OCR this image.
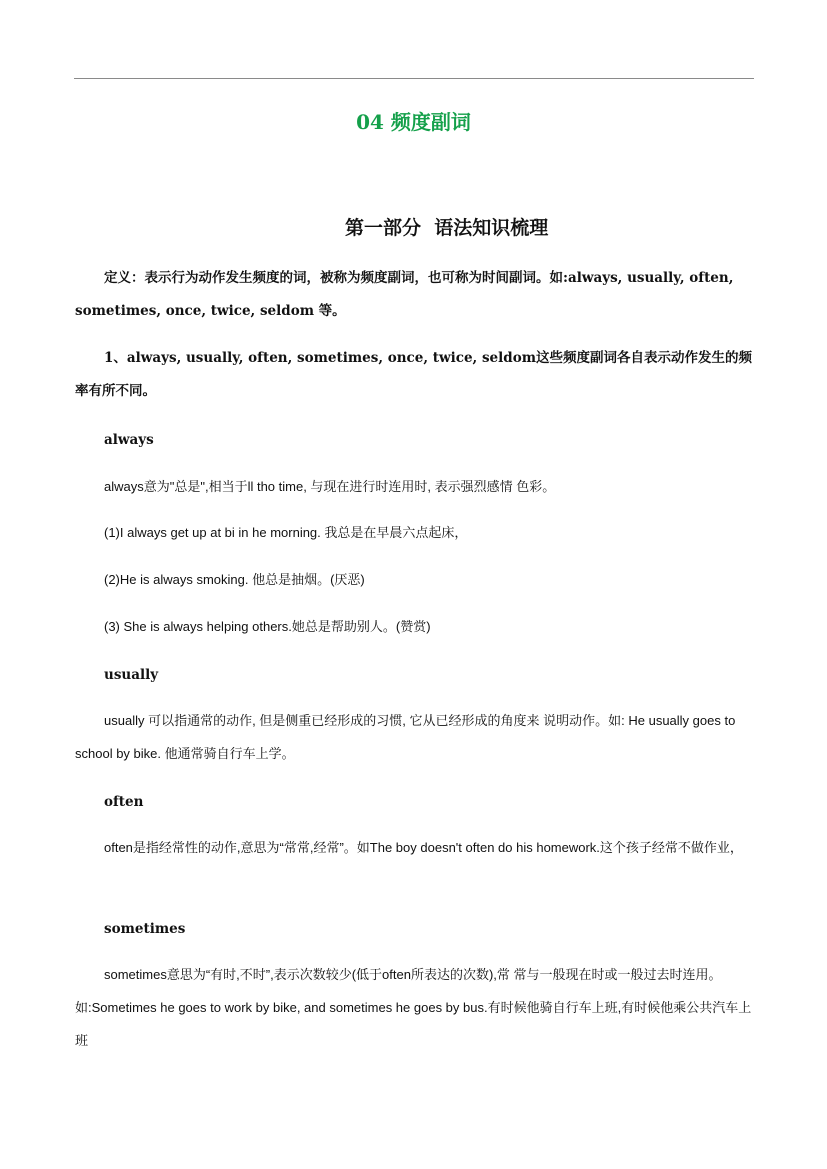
04 频度副词
第一部分  语法知识梳理
定义：表示行为动作发生频度的词，被称为频度副词，也可称为时间副词。如:always, usually, often, sometimes, once, twice, seldom 等。
1、always, usually, often, sometimes, once, twice, seldom这些频度副词各自表示动作发生的频率有所不同。
always
always意为"总是",相当于ll tho time, 与现在进行时连用时, 表示强烈感情 色彩。
(1)I always get up at bi in he morning. 我总是在早晨六点起床，
(2)He is always smoking. 他总是抽烟。(厌恶)
(3) She is always helping others.她总是帮助别人。(赞赏)
usually
usually 可以指通常的动作, 但是侧重已经形成的习惯, 它从已经形成的角度来 说明动作。如: He usually goes to school by bike. 他通常骑自行车上学。
often
often是指经常性的动作,意思为“常常,经常”。如The boy doesn't often do his homework.这个孩子经常不做作业，
sometimes
sometimes意思为“有时,不时”,表示次数较少(低于often所表达的次数),常 常与一般现在时或一般过去时连用。如:Sometimes he goes to work by bike, and sometimes he goes by bus.有时候他骑自行车上班,有时候他乘公共汽车上班
